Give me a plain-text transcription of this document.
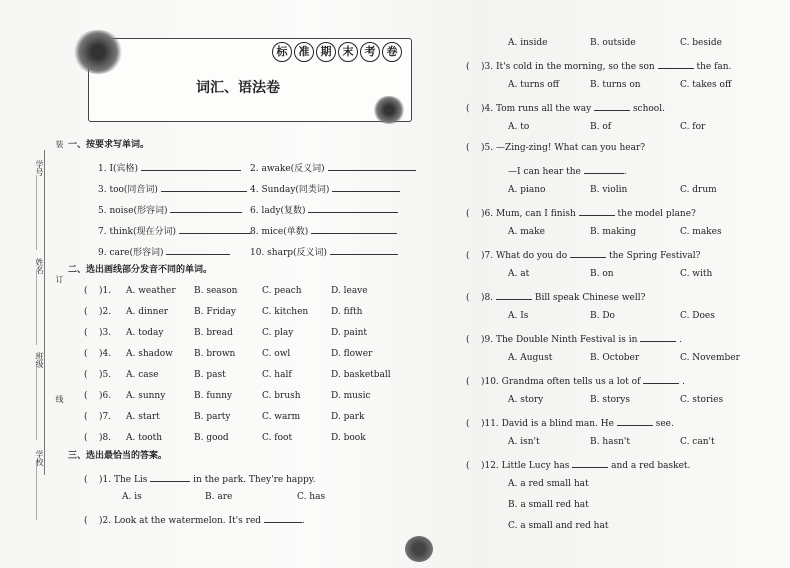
学号
姓名
班级
学校
装
订
线
标	准	期	末	考	卷
词汇、语法卷
一、按要求写单词。
1. I(宾格)	2. awake(反义词)
3. too(同音词)	4. Sunday(同类词)
5. noise(形容词)	6. lady(复数)
7. think(现在分词)	8. mice(单数)
9. care(形容词)	10. sharp(反义词)
二、选出画线部分发音不同的单词。
(    )1. A. weather B. season	C. peach	D. leave
(    )2. A. dinner	B. Friday	C. kitchen	D. fifth
(    )3. A. today	B. bread	C. play	D. paint
(    )4. A. shadow B. brown	C. owl	D. flower
(    )5. A. case	B. past	C. half	D. basketball
(    )6. A. sunny	B. funny	C. brush	D. music
(    )7. A. start	B. party	C. warm	D. park
(    )8. A. tooth	B. good	C. foot	D. book
三、选出最恰当的答案。
(    )1. The Lis	in the park. They're happy.
A. is	B. are	C. has
(    )2. Look at the watermelon. It's red	.
A. inside	B. outside	C. beside
(    )3. It's cold in the morning, so the son	the fan.
A. turns off	B. turns on	C. takes off
(    )4. Tom runs all the way	school.
A. to	B. of	C. for
(    )5. —Zing-zing! What can you hear?
—I can hear the	.
A. piano	B. violin	C. drum
(    )6. Mum, can I finish	the model plane?
A. make	B. making	C. makes
(    )7. What do you do	the Spring Festival?
A. at	B. on	C. with
(    )8.	Bill speak Chinese well?
A. Is	B. Do	C. Does
(    )9. The Double Ninth Festival is in	.
A. August	B. October	C. November
(    )10. Grandma often tells us a lot of	.
A. story	B. storys	C. stories
(    )11. David is a blind man. He	see.
A. isn't	B. hasn't	C. can't
(    )12. Little Lucy has	and a red basket.
A. a red small hat
B. a small red hat
C. a small and red hat
